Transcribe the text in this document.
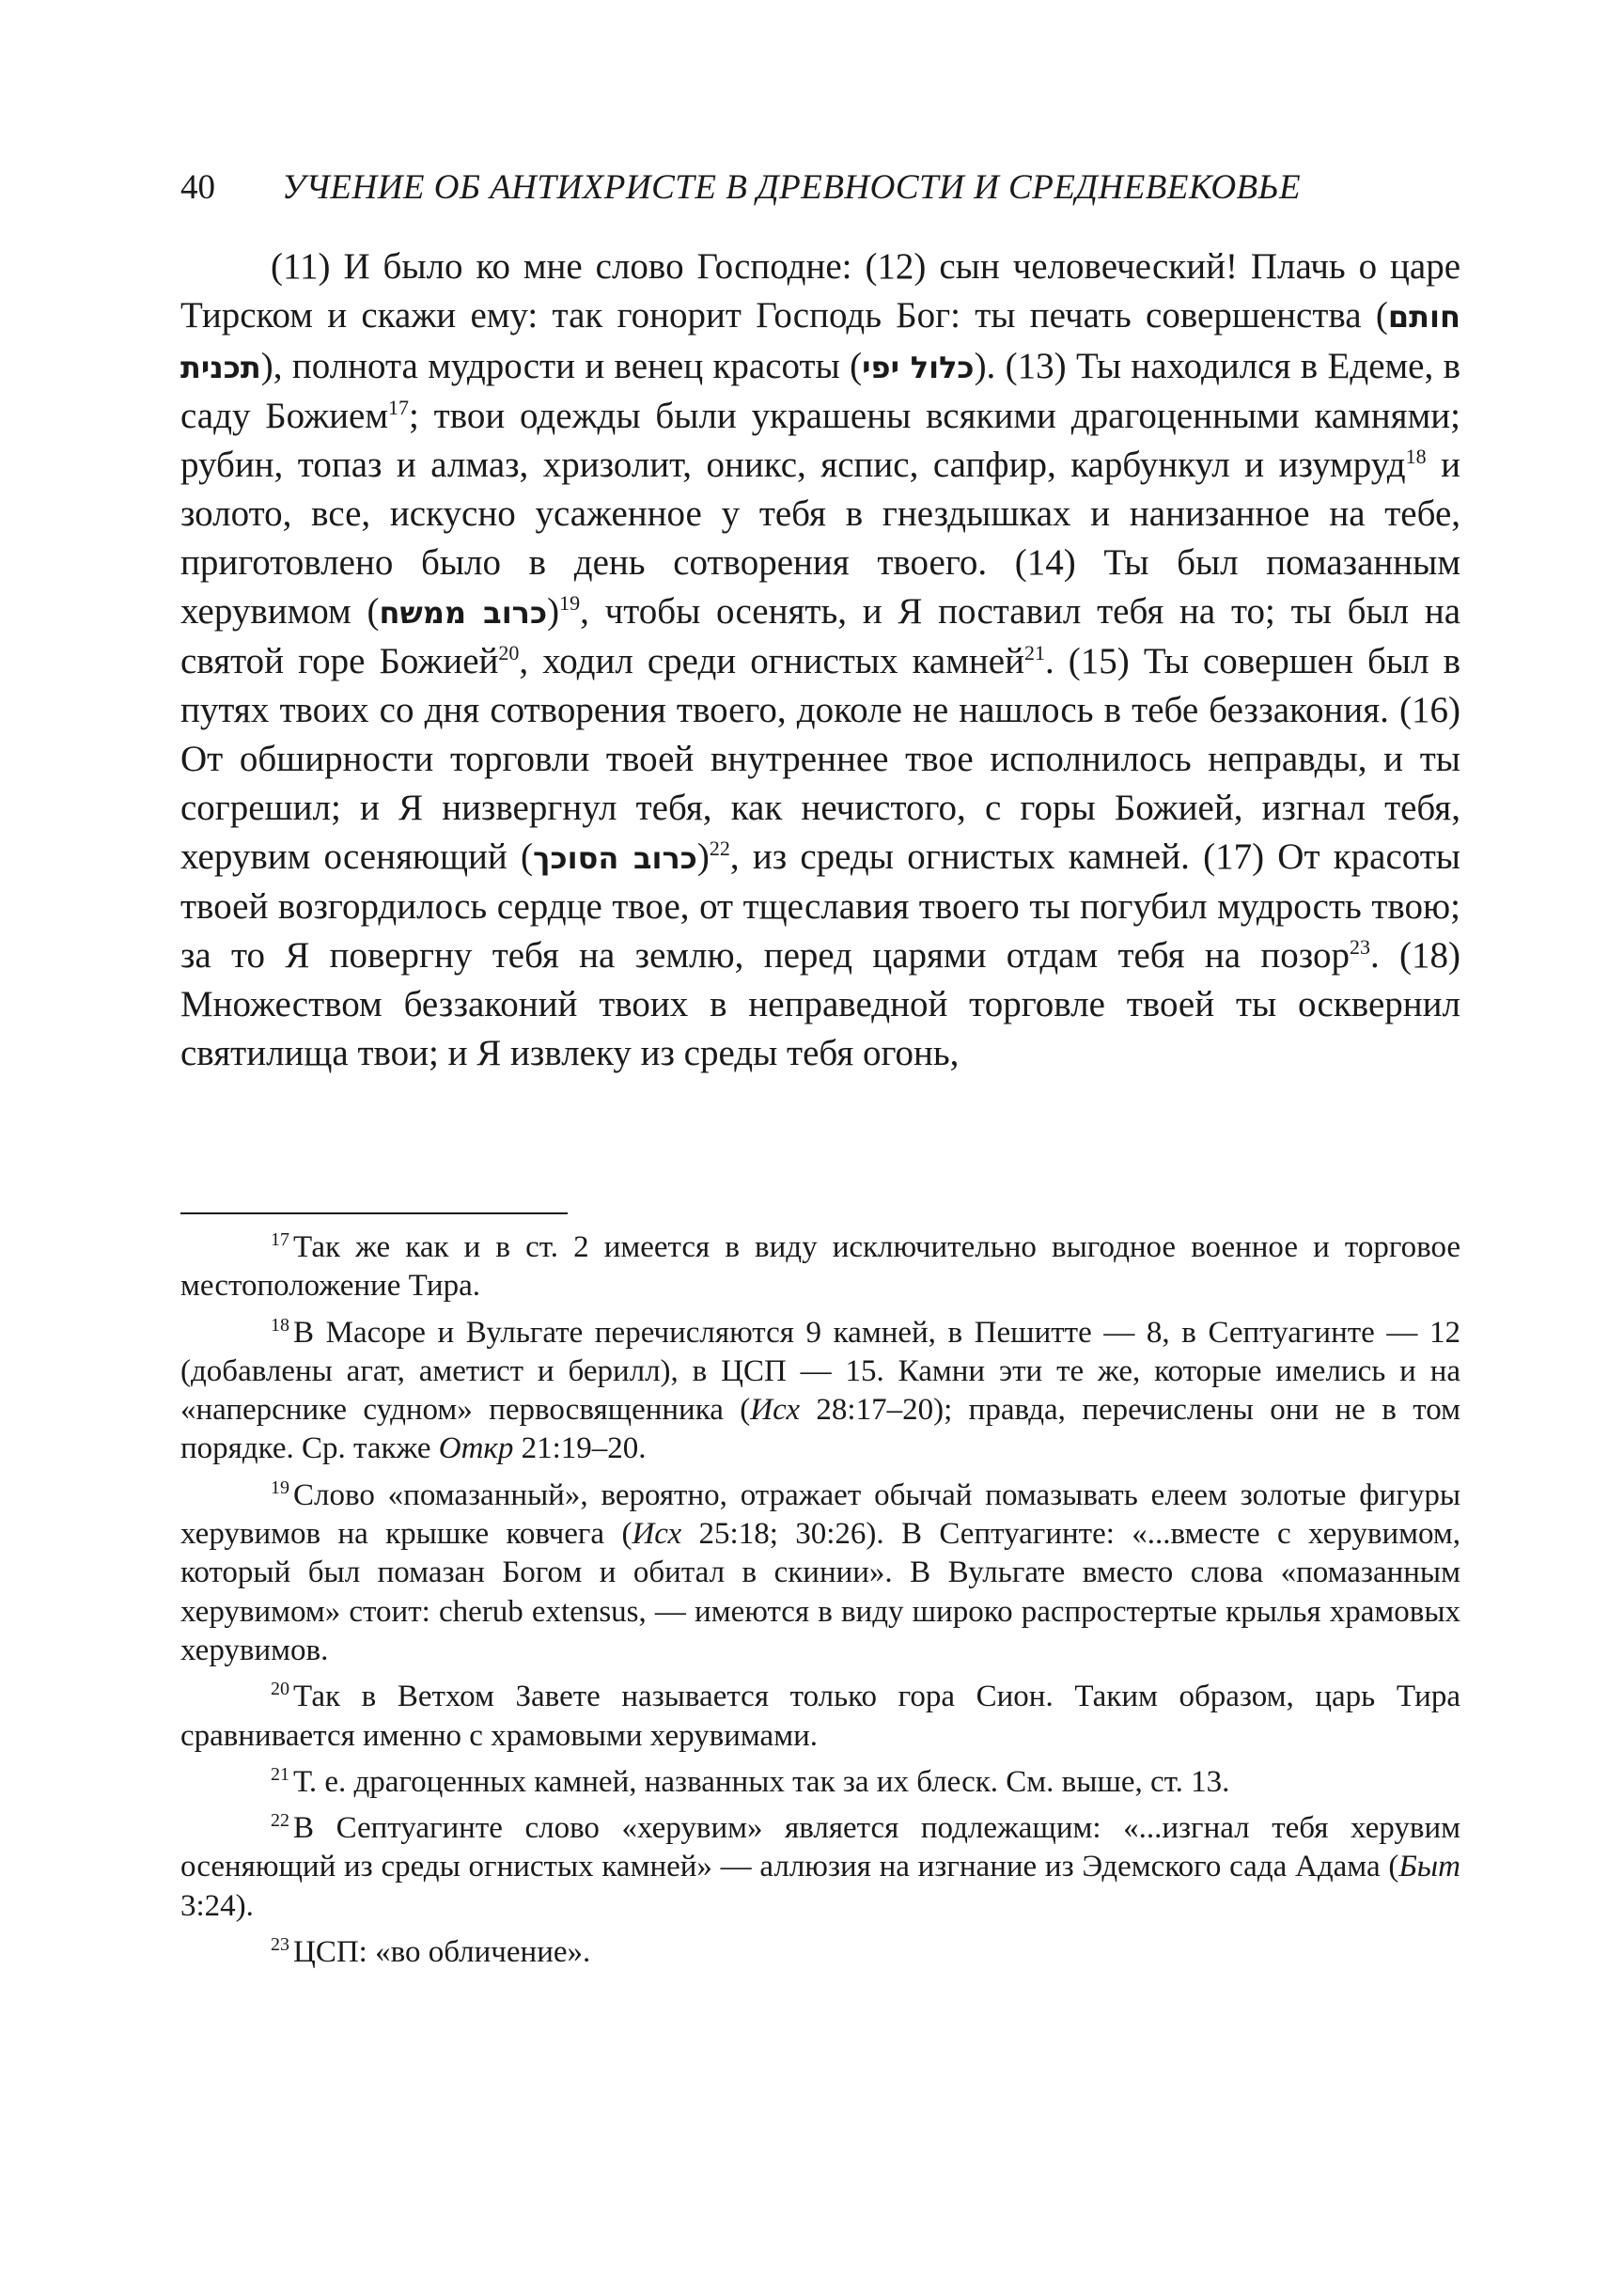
40 УЧЕНИЕ ОБ АНТИХРИСТЕ В ДРЕВНОСТИ И СРЕДНЕВЕКОВЬЕ

(11) И было ко мне слово Господне: (12) сын человеческий! Плачь о царе Тирском и скажи ему: так гонорит Господь Бог: ты печать совершенства (חותם תכנית), полнота мудрости и венец красоты (כלול יפי). (13) Ты находился в Едеме, в саду Божием$^{17}$; твои одежды были украшены всякими драгоценными камнями; рубин, топаз и алмаз, хризолит, оникс, яспис, сапфир, карбункул и изумруд$^{18}$ и золото, все, искусно усаженное у тебя в гнездышках и нанизанное на тебе, приготовлено было в день сотворения твоего. (14) Ты был помазанным херувимом (כרוב ממשח)$^{19}$, чтобы осенять, и Я поставил тебя на то; ты был на святой горе Божией$^{20}$, ходил среди огнистых камней$^{21}$. (15) Ты совершен был в путях твоих со дня сотворения твоего, доколе не нашлось в тебе беззакония. (16) От обширности торговли твоей внутреннее твое исполнилось неправды, и ты согрешил; и Я низвергнул тебя, как нечистого, с горы Божией, изгнал тебя, херувим осеняющий (כרוב הסוכך)$^{22}$, из среды огнистых камней. (17) От красоты твоей возгордилось сердце твое, от тщеславия твоего ты погубил мудрость твою; за то Я повергну тебя на землю, перед царями отдам тебя на позор$^{23}$. (18) Множеством беззаконий твоих в неправедной торговле твоей ты осквернил святилища твои; и Я извлеку из среды тебя огонь,

$^{17}$ Так же как и в ст. 2 имеется в виду исключительно выгодное военное и торговое местоположение Тира.

$^{18}$ В Масоре и Вульгате перечисляются 9 камней, в Пешитте — 8, в Септуагинте — 12 (добавлены агат, аметист и берилл), в ЦСП — 15. Камни эти те же, которые имелись и на «наперснике судном» первосвященника (Исх 28:17–20); правда, перечислены они не в том порядке. Ср. также Откр 21:19–20.

$^{19}$ Слово «помазанный», вероятно, отражает обычай помазывать елеем золотые фигуры херувимов на крышке ковчега (Исх 25:18; 30:26). В Септуагинте: «...вместе с херувимом, который был помазан Богом и обитал в скинии». В Вульгате вместо слова «помазанным херувимом» стоит: cherub extensus, — имеются в виду широко распростертые крылья храмовых херувимов.

$^{20}$ Так в Ветхом Завете называется только гора Сион. Таким образом, царь Тира сравнивается именно с храмовыми херувимами.

$^{21}$ Т. е. драгоценных камней, названных так за их блеск. См. выше, ст. 13.

$^{22}$ В Септуагинте слово «херувим» является подлежащим: «...изгнал тебя херувим осеняющий из среды огнистых камней» — аллюзия на изгнание из Эдемского сада Адама (Быт 3:24).

$^{23}$ ЦСП: «во обличение».
